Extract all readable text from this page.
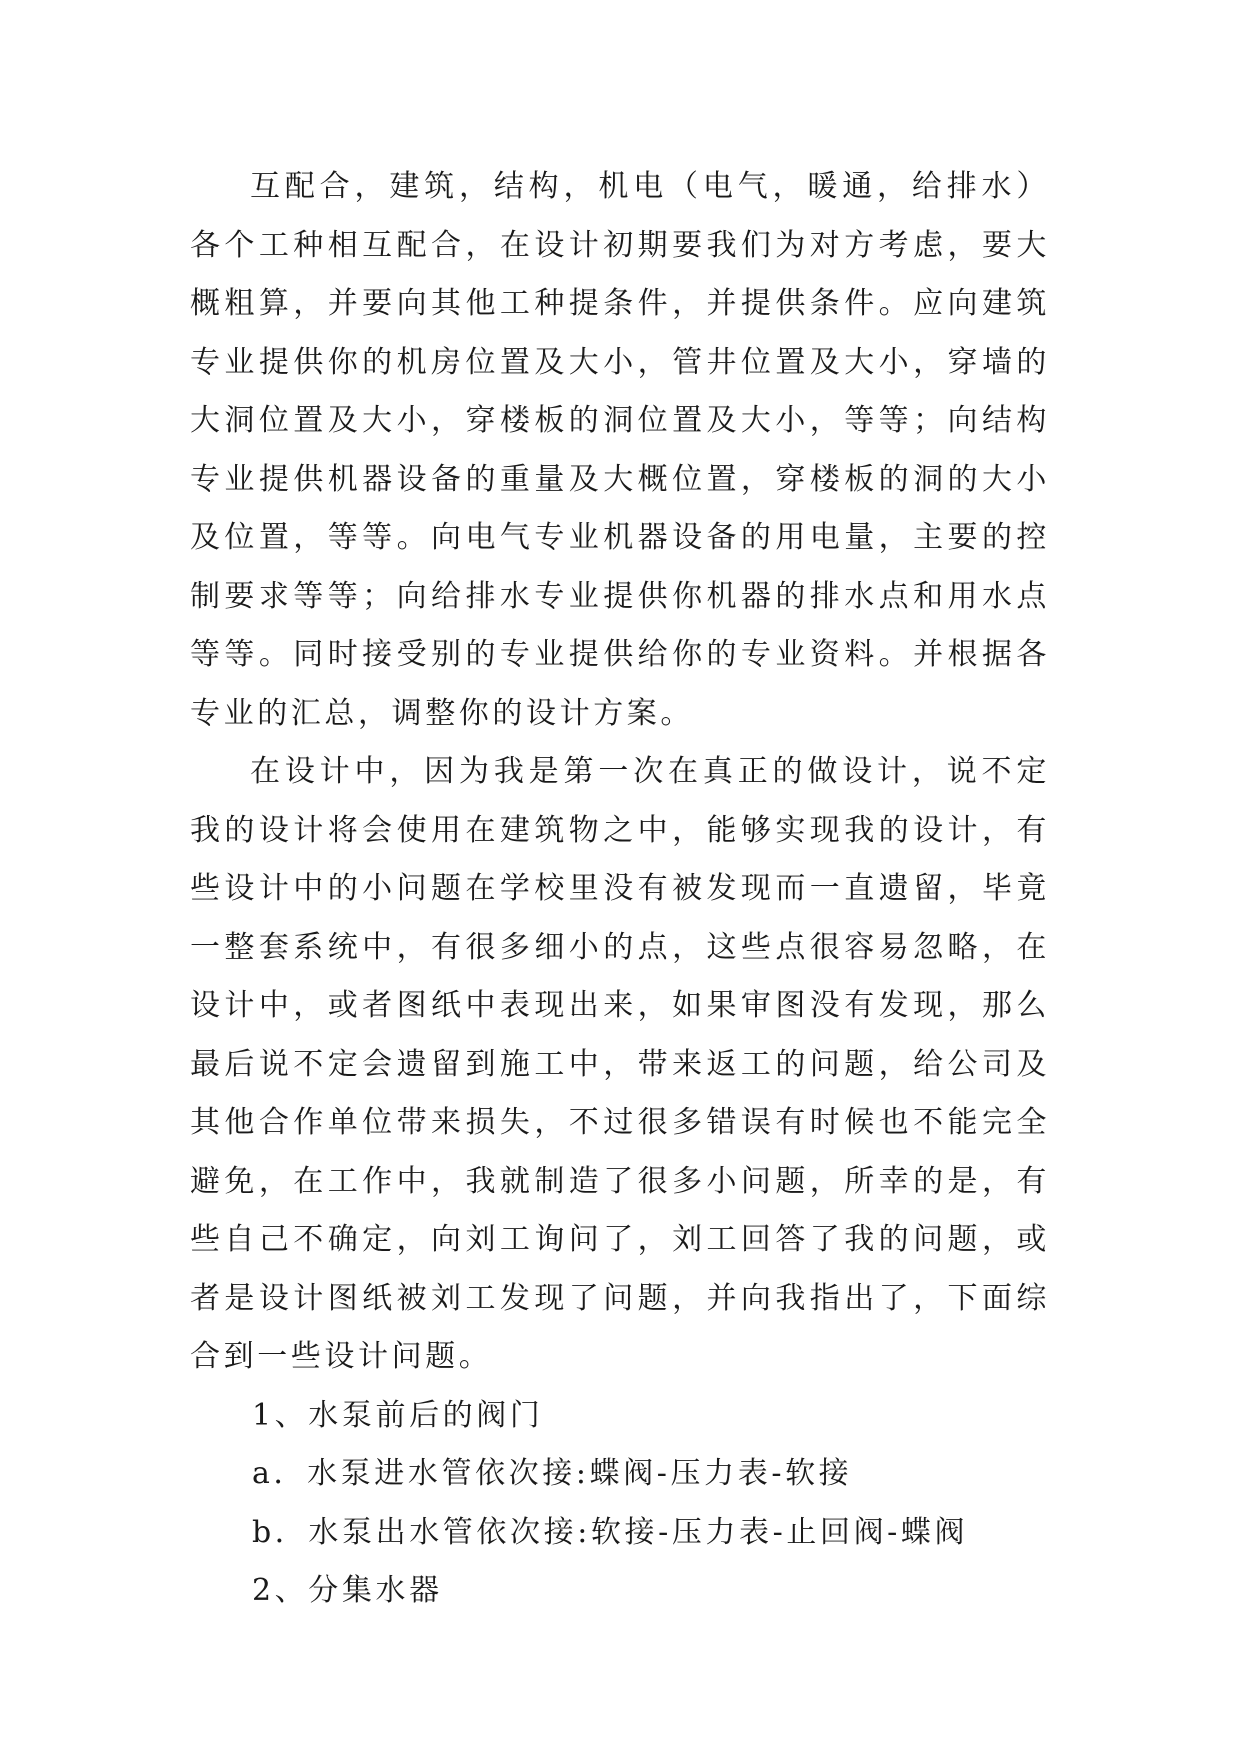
互配合，建筑，结构，机电（电气，暖通，给排水）各个工种相互配合，在设计初期要我们为对方考虑，要大概粗算，并要向其他工种提条件，并提供条件。应向建筑专业提供你的机房位置及大小，管井位置及大小，穿墙的大洞位置及大小，穿楼板的洞位置及大小，等等；向结构专业提供机器设备的重量及大概位置，穿楼板的洞的大小及位置，等等。向电气专业机器设备的用电量，主要的控制要求等等；向给排水专业提供你机器的排水点和用水点等等。同时接受别的专业提供给你的专业资料。并根据各专业的汇总，调整你的设计方案。

在设计中，因为我是第一次在真正的做设计，说不定我的设计将会使用在建筑物之中，能够实现我的设计，有些设计中的小问题在学校里没有被发现而一直遗留，毕竟一整套系统中，有很多细小的点，这些点很容易忽略，在设计中，或者图纸中表现出来，如果审图没有发现，那么最后说不定会遗留到施工中，带来返工的问题，给公司及其他合作单位带来损失，不过很多错误有时候也不能完全避免，在工作中，我就制造了很多小问题，所幸的是，有些自己不确定，向刘工询问了，刘工回答了我的问题，或者是设计图纸被刘工发现了问题，并向我指出了，下面综合到一些设计问题。

1、水泵前后的阀门

a．水泵进水管依次接:蝶阀-压力表-软接

b．水泵出水管依次接:软接-压力表-止回阀-蝶阀

2、分集水器
